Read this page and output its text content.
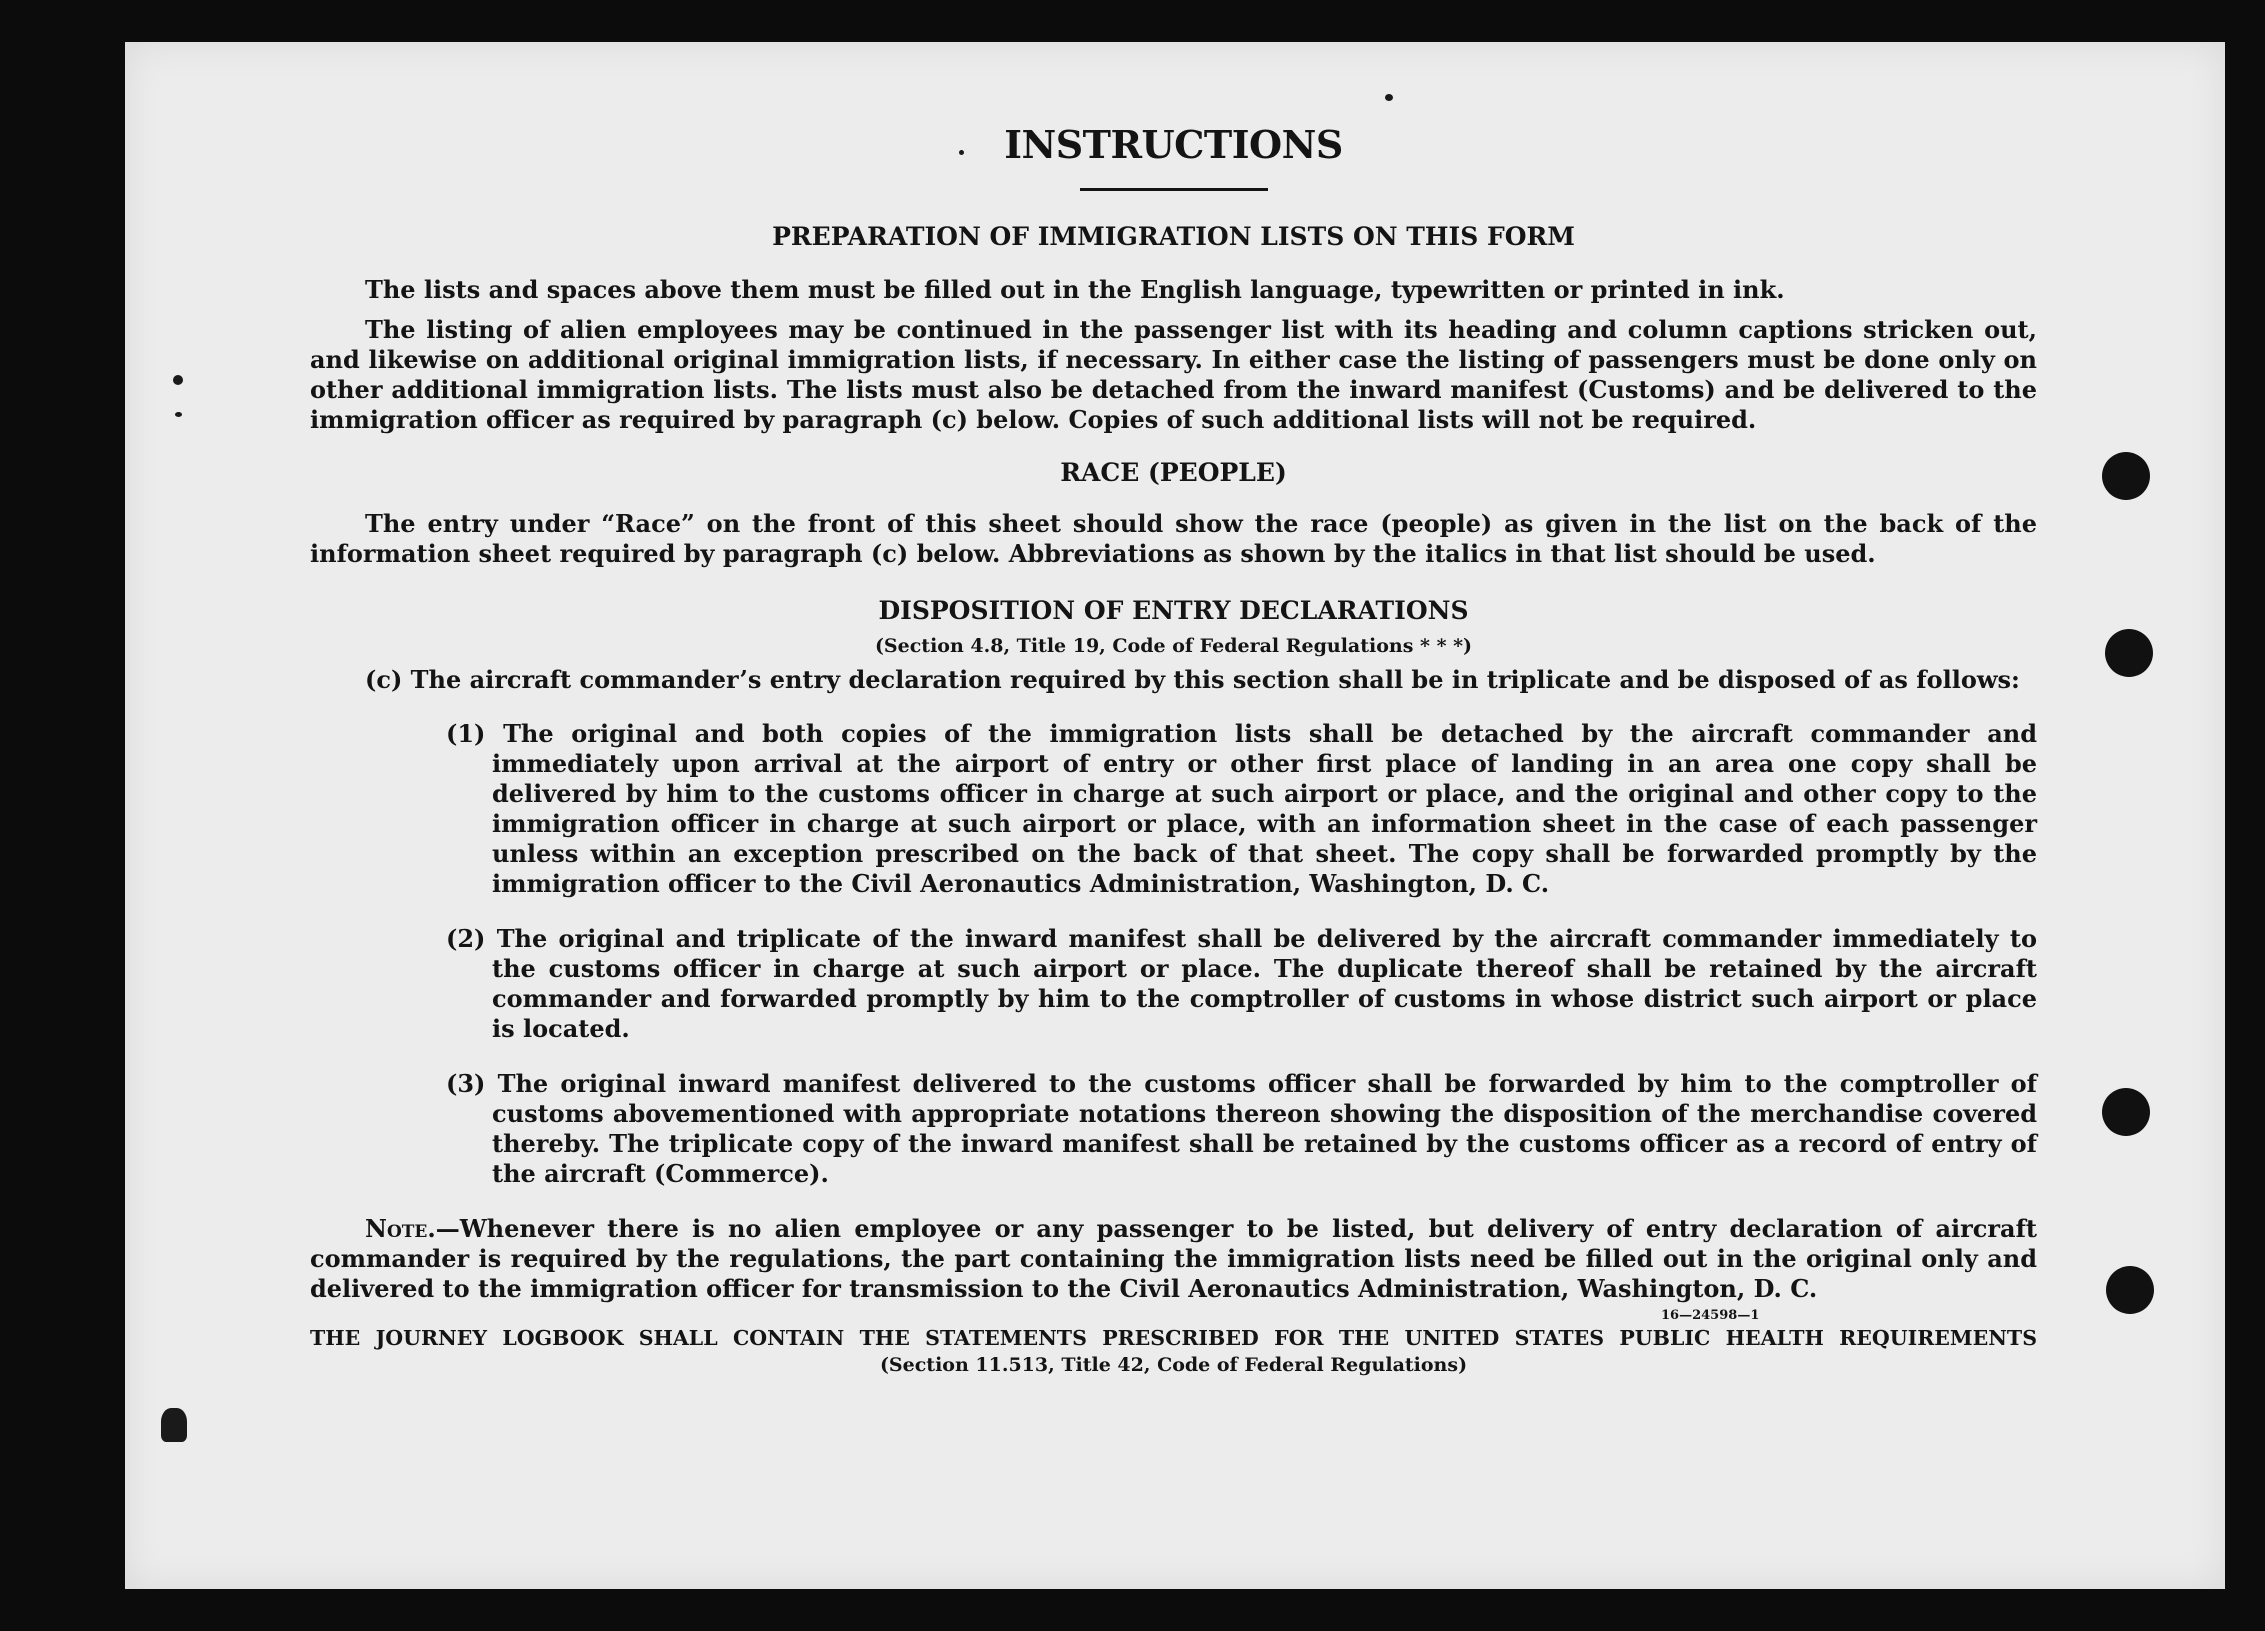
INSTRUCTIONS
PREPARATION OF IMMIGRATION LISTS ON THIS FORM

The lists and spaces above them must be filled out in the English language, typewritten or printed in ink.

The listing of alien employees may be continued in the passenger list with its heading and column captions stricken out, and likewise on additional original immigration lists, if necessary. In either case the listing of passengers must be done only on other additional immigration lists. The lists must also be detached from the inward manifest (Customs) and be delivered to the immigration officer as required by paragraph (c) below. Copies of such additional lists will not be required.

RACE (PEOPLE)

The entry under “Race” on the front of this sheet should show the race (people) as given in the list on the back of the information sheet required by paragraph (c) below. Abbreviations as shown by the italics in that list should be used.

DISPOSITION OF ENTRY DECLARATIONS

(Section 4.8, Title 19, Code of Federal Regulations * * *)

(c) The aircraft commander’s entry declaration required by this section shall be in triplicate and be disposed of as follows:

(1) The original and both copies of the immigration lists shall be detached by the aircraft commander and immediately upon arrival at the airport of entry or other first place of landing in an area one copy shall be delivered by him to the customs officer in charge at such airport or place, and the original and other copy to the immigration officer in charge at such airport or place, with an information sheet in the case of each passenger unless within an exception prescribed on the back of that sheet. The copy shall be forwarded promptly by the immigration officer to the Civil Aeronautics Administration, Washington, D. C.

(2) The original and triplicate of the inward manifest shall be delivered by the aircraft commander immediately to the customs officer in charge at such airport or place. The duplicate thereof shall be retained by the aircraft commander and forwarded promptly by him to the comptroller of customs in whose district such airport or place is located.

(3) The original inward manifest delivered to the customs officer shall be forwarded by him to the comptroller of customs abovementioned with appropriate notations thereon showing the disposition of the merchandise covered thereby. The triplicate copy of the inward manifest shall be retained by the customs officer as a record of entry of the aircraft (Commerce).

Note.—Whenever there is no alien employee or any passenger to be listed, but delivery of entry declaration of aircraft commander is required by the regulations, the part containing the immigration lists need be filled out in the original only and delivered to the immigration officer for transmission to the Civil Aeronautics Administration, Washington, D. C.

THE JOURNEY LOGBOOK SHALL CONTAIN THE STATEMENTS PRESCRIBED FOR THE UNITED STATES PUBLIC HEALTH REQUIREMENTS

(Section 11.513, Title 42, Code of Federal Regulations)

16—24598—1
